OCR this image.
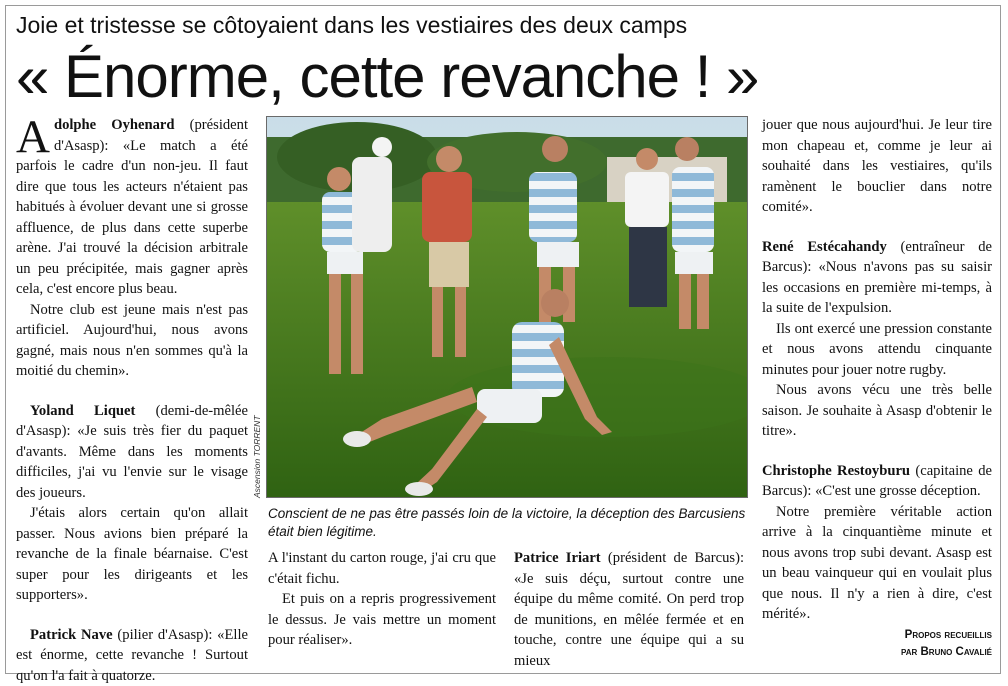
Joie et tristesse se côtoyaient dans les vestiaires des deux camps
« Énorme, cette revanche ! »

Adolphe Oyhenard (président d'Asasp): «Le match a été parfois le cadre d'un non-jeu. Il faut dire que tous les acteurs n'étaient pas habitués à évoluer devant une si grosse affluence, de plus dans cette superbe arène. J'ai trouvé la décision arbitrale un peu précipitée, mais gagner après cela, c'est encore plus beau.

Notre club est jeune mais n'est pas artificiel. Aujourd'hui, nous avons gagné, mais nous n'en sommes qu'à la moitié du chemin».

Yoland Liquet (demi-de-mêlée d'Asasp): «Je suis très fier du paquet d'avants. Même dans les moments difficiles, j'ai vu l'envie sur le visage des joueurs.

J'étais alors certain qu'on allait passer. Nous avions bien préparé la revanche de la finale béarnaise. C'est super pour les dirigeants et les supporters».

Patrick Nave (pilier d'Asasp): «Elle est énorme, cette revanche ! Surtout qu'on l'a fait à quatorze.

Ascension TORRENT
Conscient de ne pas être passés loin de la victoire, la déception des Barcusiens était bien légitime.

A l'instant du carton rouge, j'ai cru que c'était fichu.

Et puis on a repris progressivement le dessus. Je vais mettre un moment pour réaliser».

Patrice Iriart (président de Barcus): «Je suis déçu, surtout contre une équipe du même comité. On perd trop de munitions, en mêlée fermée et en touche, contre une équipe qui a su mieux

jouer que nous aujourd'hui. Je leur tire mon chapeau et, comme je leur ai souhaité dans les vestiaires, qu'ils ramènent le bouclier dans notre comité».

René Estécahandy (entraîneur de Barcus): «Nous n'avons pas su saisir les occasions en première mi-temps, à la suite de l'expulsion.

Ils ont exercé une pression constante et nous avons attendu cinquante minutes pour jouer notre rugby.

Nous avons vécu une très belle saison. Je souhaite à Asasp d'obtenir le titre».

Christophe Restoyburu (capitaine de Barcus): «C'est une grosse déception.

Notre première véritable action arrive à la cinquantième minute et nous avons trop subi devant. Asasp est un beau vainqueur qui en voulait plus que nous. Il n'y a rien à dire, c'est mérité».

Propos recueillis
par Bruno Cavalié
